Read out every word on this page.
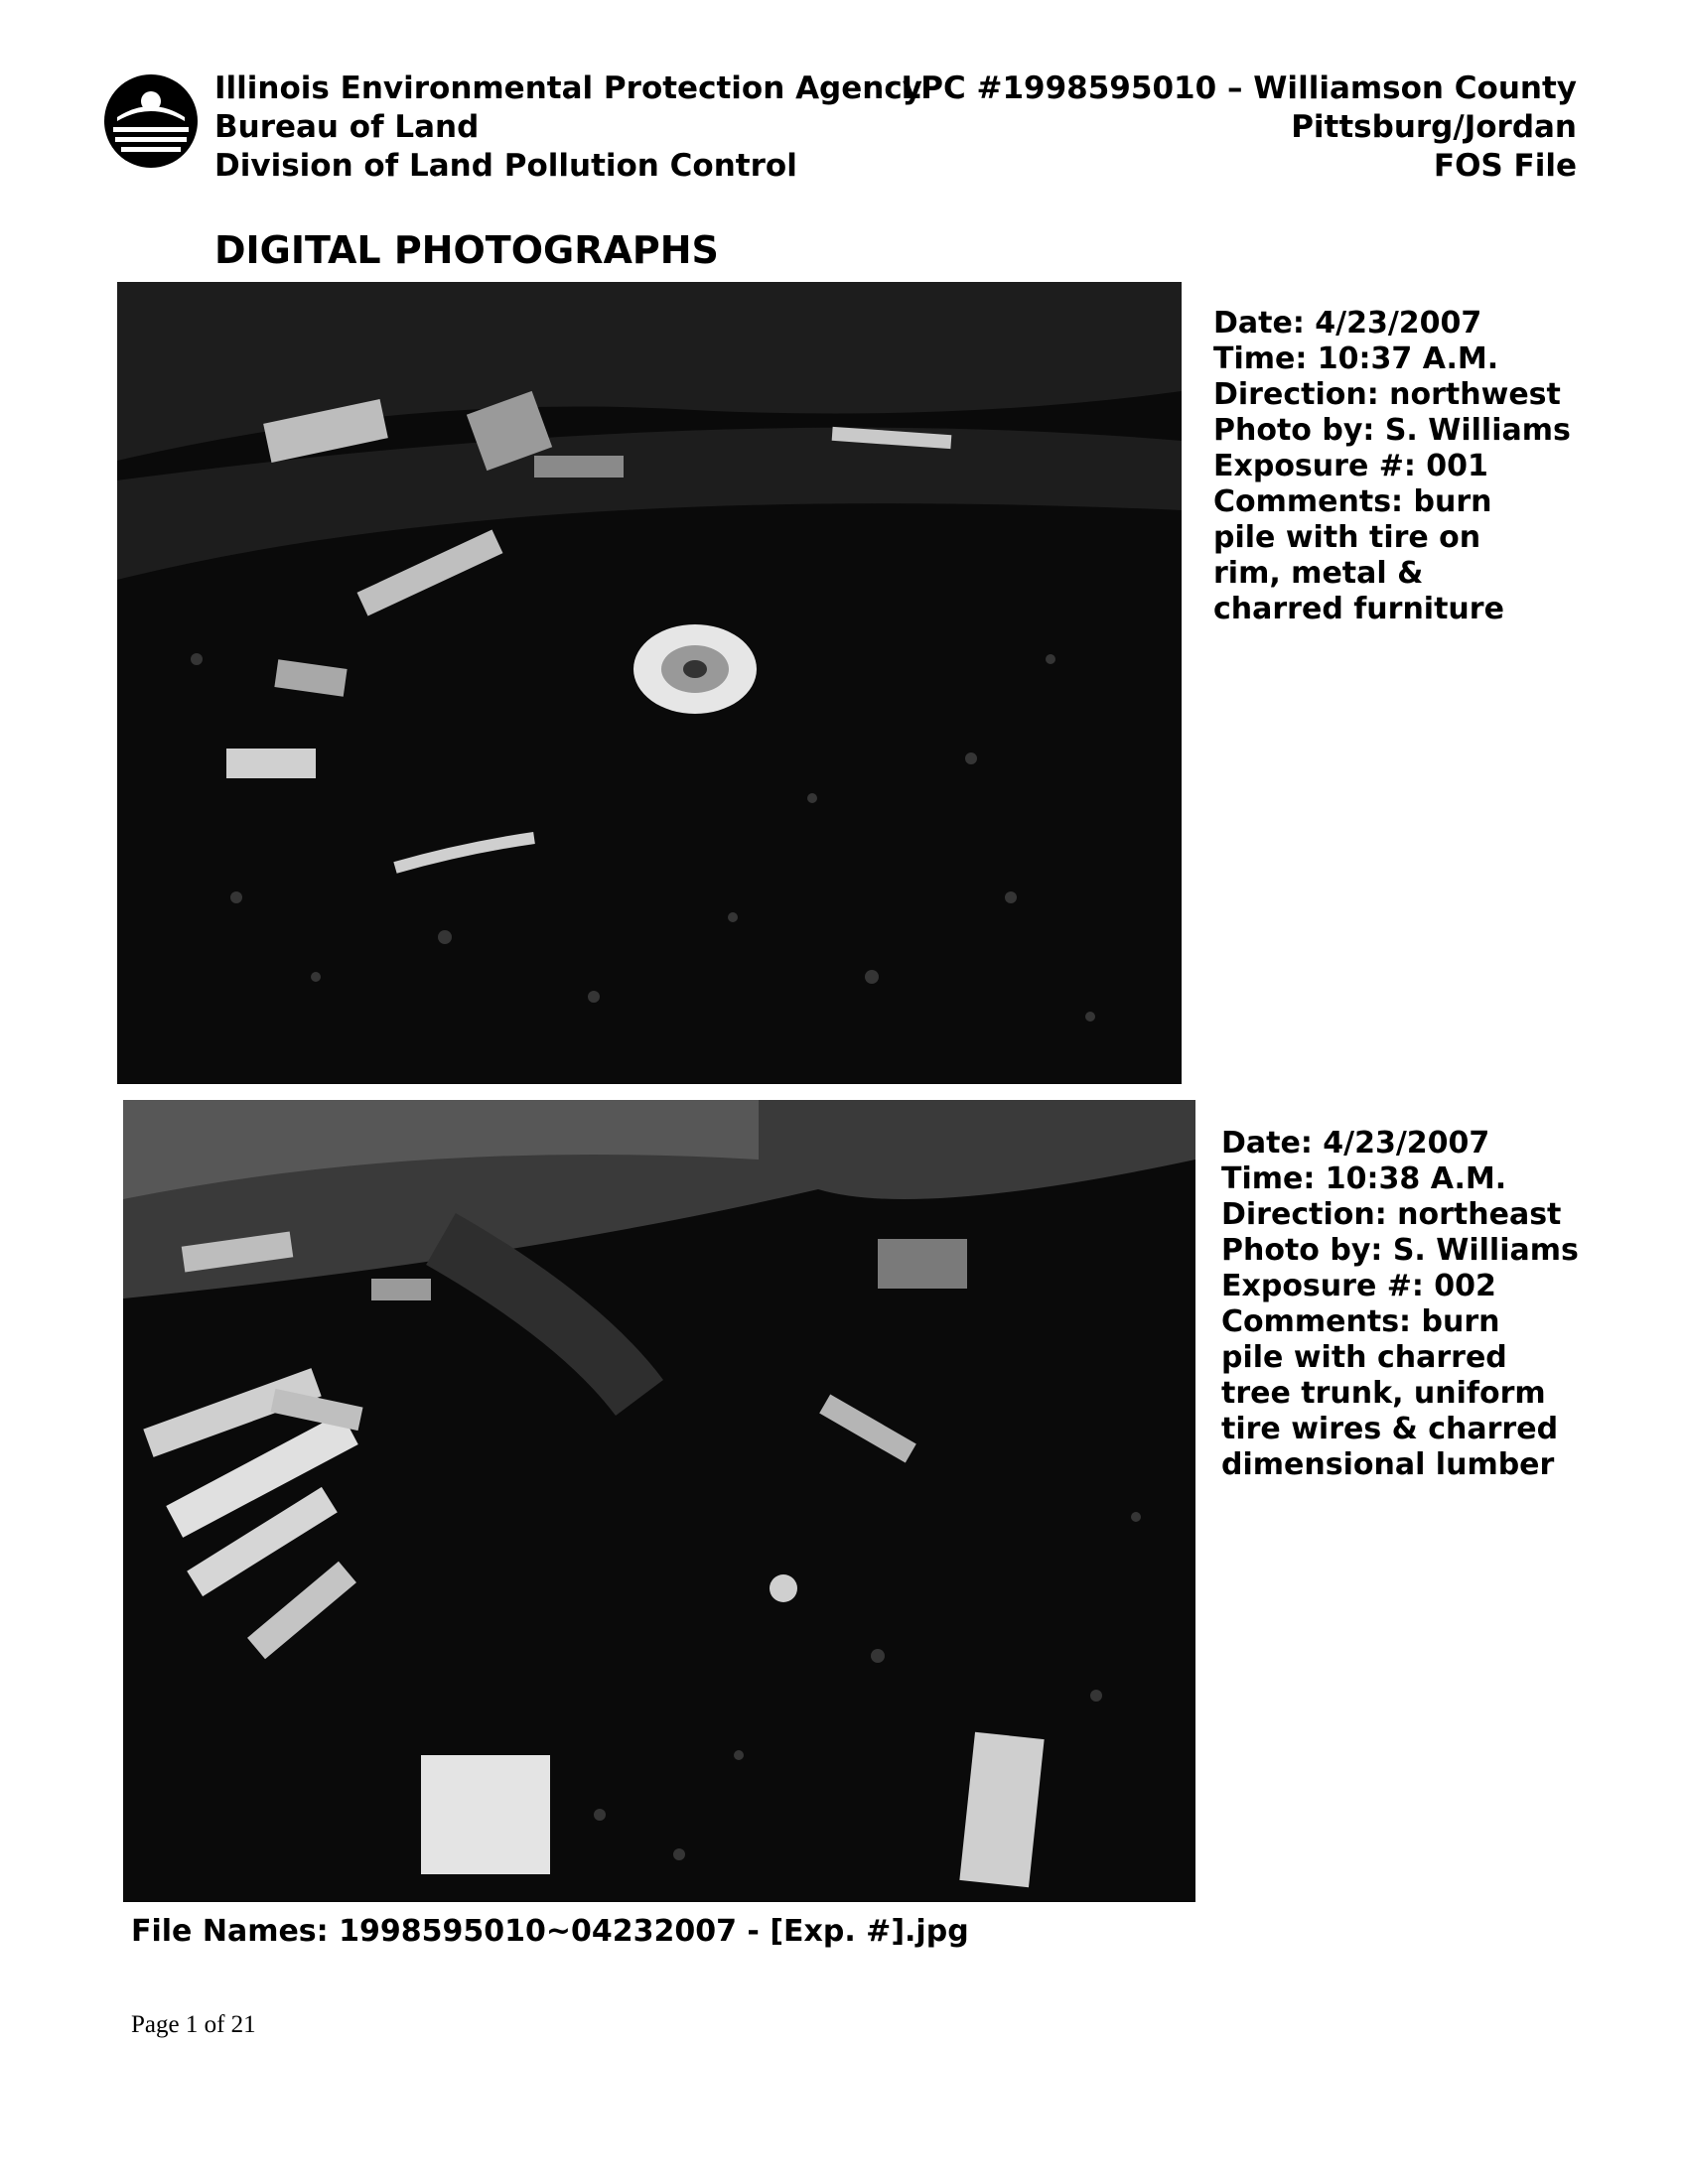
Illinois Environmental Protection Agency
Bureau of Land
Division of Land Pollution Control
LPC #1998595010 – Williamson County
Pittsburg/Jordan
FOS File
DIGITAL PHOTOGRAPHS
Date: 4/23/2007
Time: 10:37 A.M.
Direction: northwest
Photo by: S. Williams
Exposure #: 001
Comments: burn pile with tire on rim, metal & charred furniture
Date: 4/23/2007
Time: 10:38 A.M.
Direction: northeast
Photo by: S. Williams
Exposure #: 002
Comments: burn pile with charred tree trunk, uniform tire wires & charred dimensional lumber
File Names: 1998595010~04232007 - [Exp. #].jpg
Page 1 of 21
